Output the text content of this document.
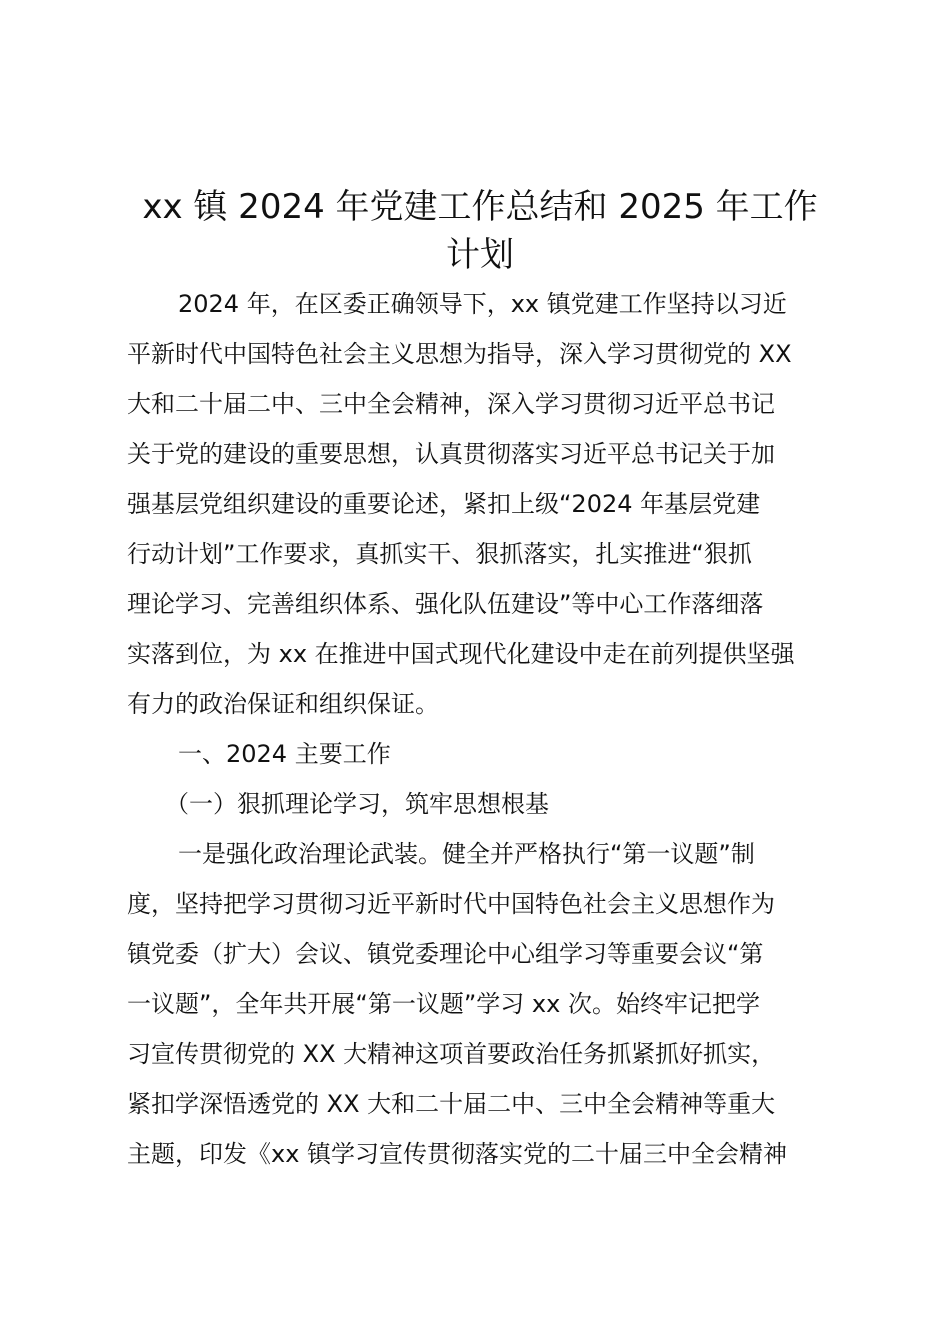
xx 镇 2024 年党建工作总结和 2025 年工作
计划

2024 年，在区委正确领导下，xx 镇党建工作坚持以习近

平新时代中国特色社会主义思想为指导，深入学习贯彻党的 XX

大和二十届二中、三中全会精神，深入学习贯彻习近平总书记

关于党的建设的重要思想，认真贯彻落实习近平总书记关于加

强基层党组织建设的重要论述，紧扣上级“2024 年基层党建

行动计划”工作要求，真抓实干、狠抓落实，扎实推进“狠抓

理论学习、完善组织体系、强化队伍建设”等中心工作落细落

实落到位，为 xx 在推进中国式现代化建设中走在前列提供坚强

有力的政治保证和组织保证。

一、2024 主要工作

（一）狠抓理论学习，筑牢思想根基

一是强化政治理论武装。健全并严格执行“第一议题”制

度，坚持把学习贯彻习近平新时代中国特色社会主义思想作为

镇党委（扩大）会议、镇党委理论中心组学习等重要会议“第

一议题”，全年共开展“第一议题”学习 xx 次。始终牢记把学

习宣传贯彻党的 XX 大精神这项首要政治任务抓紧抓好抓实，

紧扣学深悟透党的 XX 大和二十届二中、三中全会精神等重大

主题，印发《xx 镇学习宣传贯彻落实党的二十届三中全会精神
